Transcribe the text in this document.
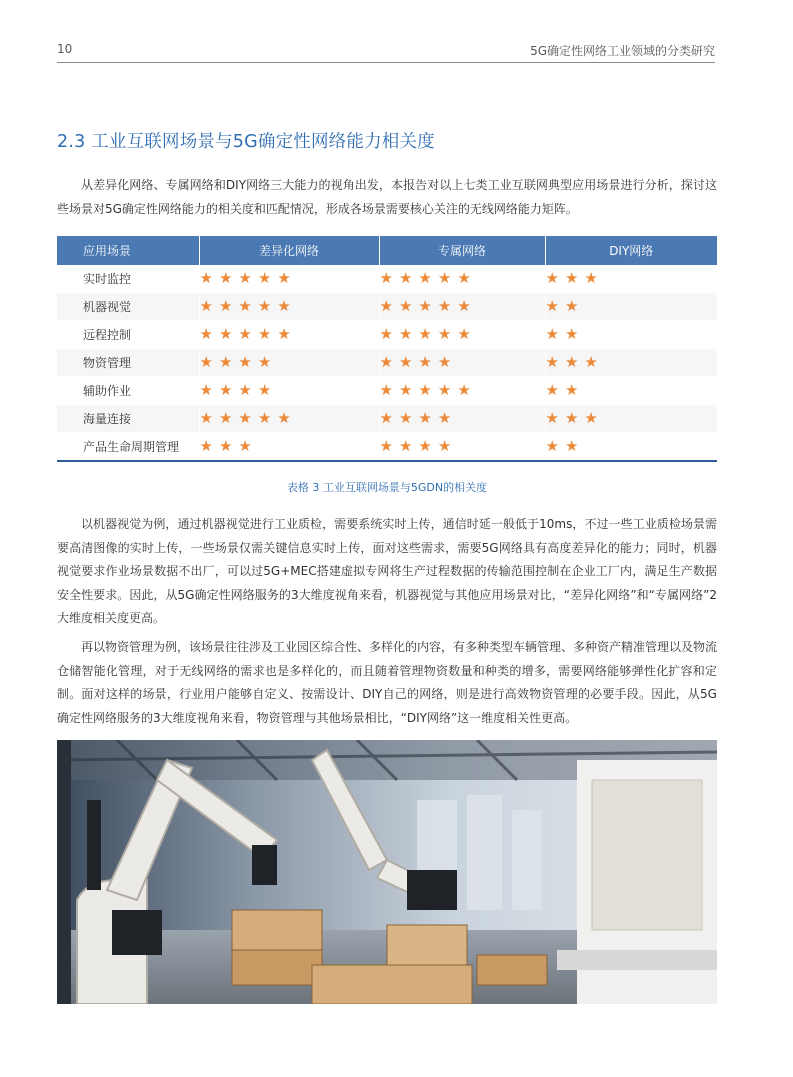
10	5G确定性网络工业领域的分类研究
2.3 工业互联网场景与5G确定性网络能力相关度

从差异化网络、专属网络和DIY网络三大能力的视角出发，本报告对以上七类工业互联网典型应用场景进行分析，探讨这些场景对5G确定性网络能力的相关度和匹配情况，形成各场景需要核心关注的无线网络能力矩阵。

应用场景	差异化网络	专属网络	DIY网络
实时监控	★ ★ ★ ★ ★	★ ★ ★ ★ ★	★ ★ ★
机器视觉	★ ★ ★ ★ ★	★ ★ ★ ★ ★	★ ★
远程控制	★ ★ ★ ★ ★	★ ★ ★ ★ ★	★ ★
物资管理	★ ★ ★ ★	★ ★ ★ ★	★ ★ ★
辅助作业	★ ★ ★ ★	★ ★ ★ ★ ★	★ ★
海量连接	★ ★ ★ ★ ★	★ ★ ★ ★	★ ★ ★
产品生命周期管理	★ ★ ★	★ ★ ★ ★	★ ★
表格 3 工业互联网场景与5GDN的相关度

以机器视觉为例，通过机器视觉进行工业质检，需要系统实时上传，通信时延一般低于10ms，不过一些工业质检场景需要高清图像的实时上传，一些场景仅需关键信息实时上传，面对这些需求，需要5G网络具有高度差异化的能力；同时，机器视觉要求作业场景数据不出厂，可以过5G+MEC搭建虚拟专网将生产过程数据的传输范围控制在企业工厂内，满足生产数据安全性要求。因此，从5G确定性网络服务的3大维度视角来看，机器视觉与其他应用场景对比，“差异化网络”和“专属网络”2大维度相关度更高。

再以物资管理为例，该场景往往涉及工业园区综合性、多样化的内容，有多种类型车辆管理、多种资产精准管理以及物流仓储智能化管理，对于无线网络的需求也是多样化的，而且随着管理物资数量和种类的增多，需要网络能够弹性化扩容和定制。面对这样的场景，行业用户能够自定义、按需设计、DIY自己的网络，则是进行高效物资管理的必要手段。因此，从5G确定性网络服务的3大维度视角来看，物资管理与其他场景相比，“DIY网络”这一维度相关性更高。
